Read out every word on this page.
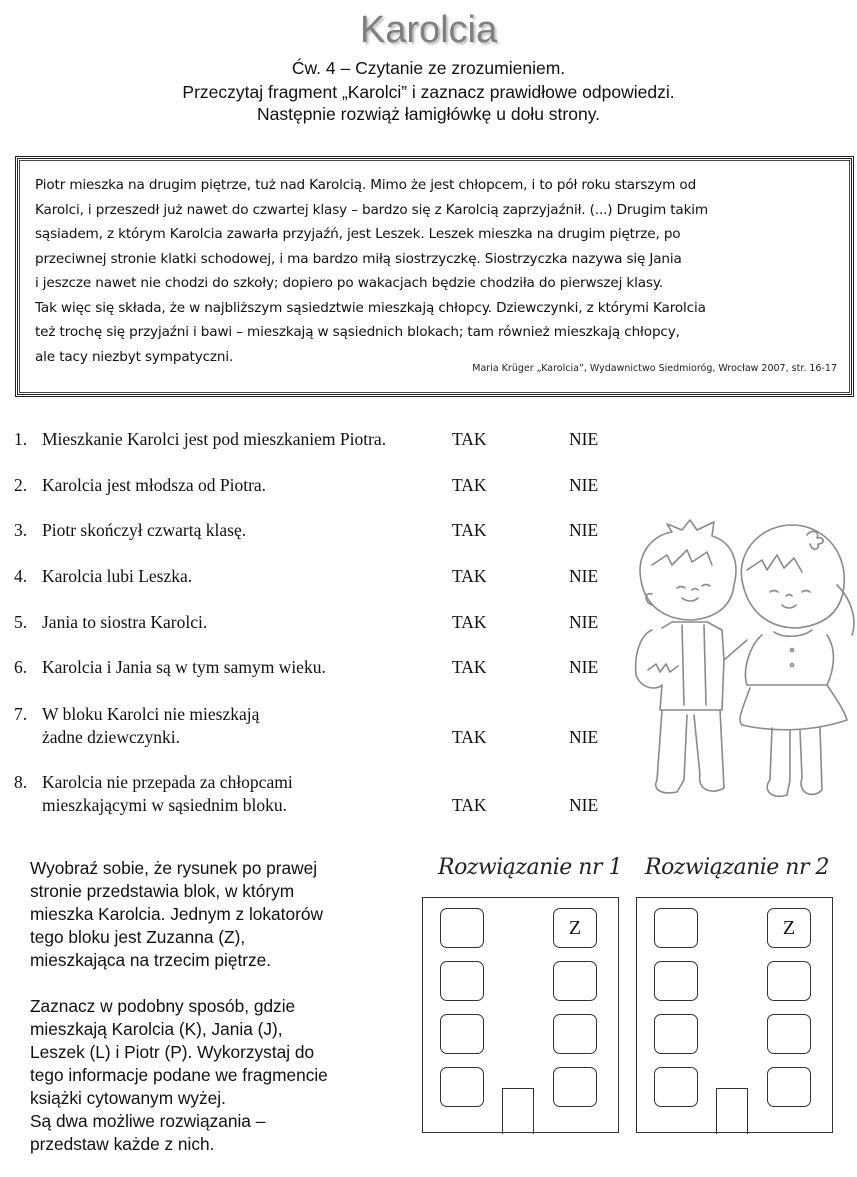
Karolcia
Ćw. 4 – Czytanie ze zrozumieniem.
Przeczytaj fragment „Karolci” i zaznacz prawidłowe odpowiedzi.
Następnie rozwiąż łamigłówkę u dołu strony.
Piotr mieszka na drugim piętrze, tuż nad Karolcią. Mimo że jest chłopcem, i to pół roku starszym od
Karolci, i przeszedł już nawet do czwartej klasy – bardzo się z Karolcią zaprzyjaźnił. (...) Drugim takim
sąsiadem, z którym Karolcia zawarła przyjaźń, jest Leszek. Leszek mieszka na drugim piętrze, po
przeciwnej stronie klatki schodowej, i ma bardzo miłą siostrzyczkę. Siostrzyczka nazywa się Jania
i jeszcze nawet nie chodzi do szkoły; dopiero po wakacjach będzie chodziła do pierwszej klasy.
Tak więc się składa, że w najbliższym sąsiedztwie mieszkają chłopcy. Dziewczynki, z którymi Karolcia
też trochę się przyjaźni i bawi – mieszkają w sąsiednich blokach; tam również mieszkają chłopcy,
ale tacy niezbyt sympatyczni.
Maria Krüger „Karolcia”, Wydawnictwo Siedmioróg, Wrocław 2007, str. 16-17
1. Mieszkanie Karolci jest pod mieszkaniem Piotra.	TAK	NIE
2. Karolcia jest młodsza od Piotra.	TAK	NIE
3. Piotr skończył czwartą klasę.	TAK	NIE
4. Karolcia lubi Leszka.	TAK	NIE
5. Jania to siostra Karolci.	TAK	NIE
6. Karolcia i Jania są w tym samym wieku.	TAK	NIE
7. W bloku Karolci nie mieszkają
żadne dziewczynki.	TAK	NIE
8. Karolcia nie przepada za chłopcami
mieszkającymi w sąsiednim bloku.	TAK	NIE

Wyobraź sobie, że rysunek po prawej
stronie przedstawia blok, w którym
mieszka Karolcia. Jednym z lokatorów
tego bloku jest Zuzanna (Z),
mieszkająca na trzecim piętrze.

Zaznacz w podobny sposób, gdzie
mieszkają Karolcia (K), Jania (J),
Leszek (L) i Piotr (P). Wykorzystaj do
tego informacje podane we fragmencie
książki cytowanym wyżej.
Są dwa możliwe rozwiązania –
przedstaw każde z nich.

Rozwiązanie nr 1
Z
Rozwiązanie nr 2
Z
